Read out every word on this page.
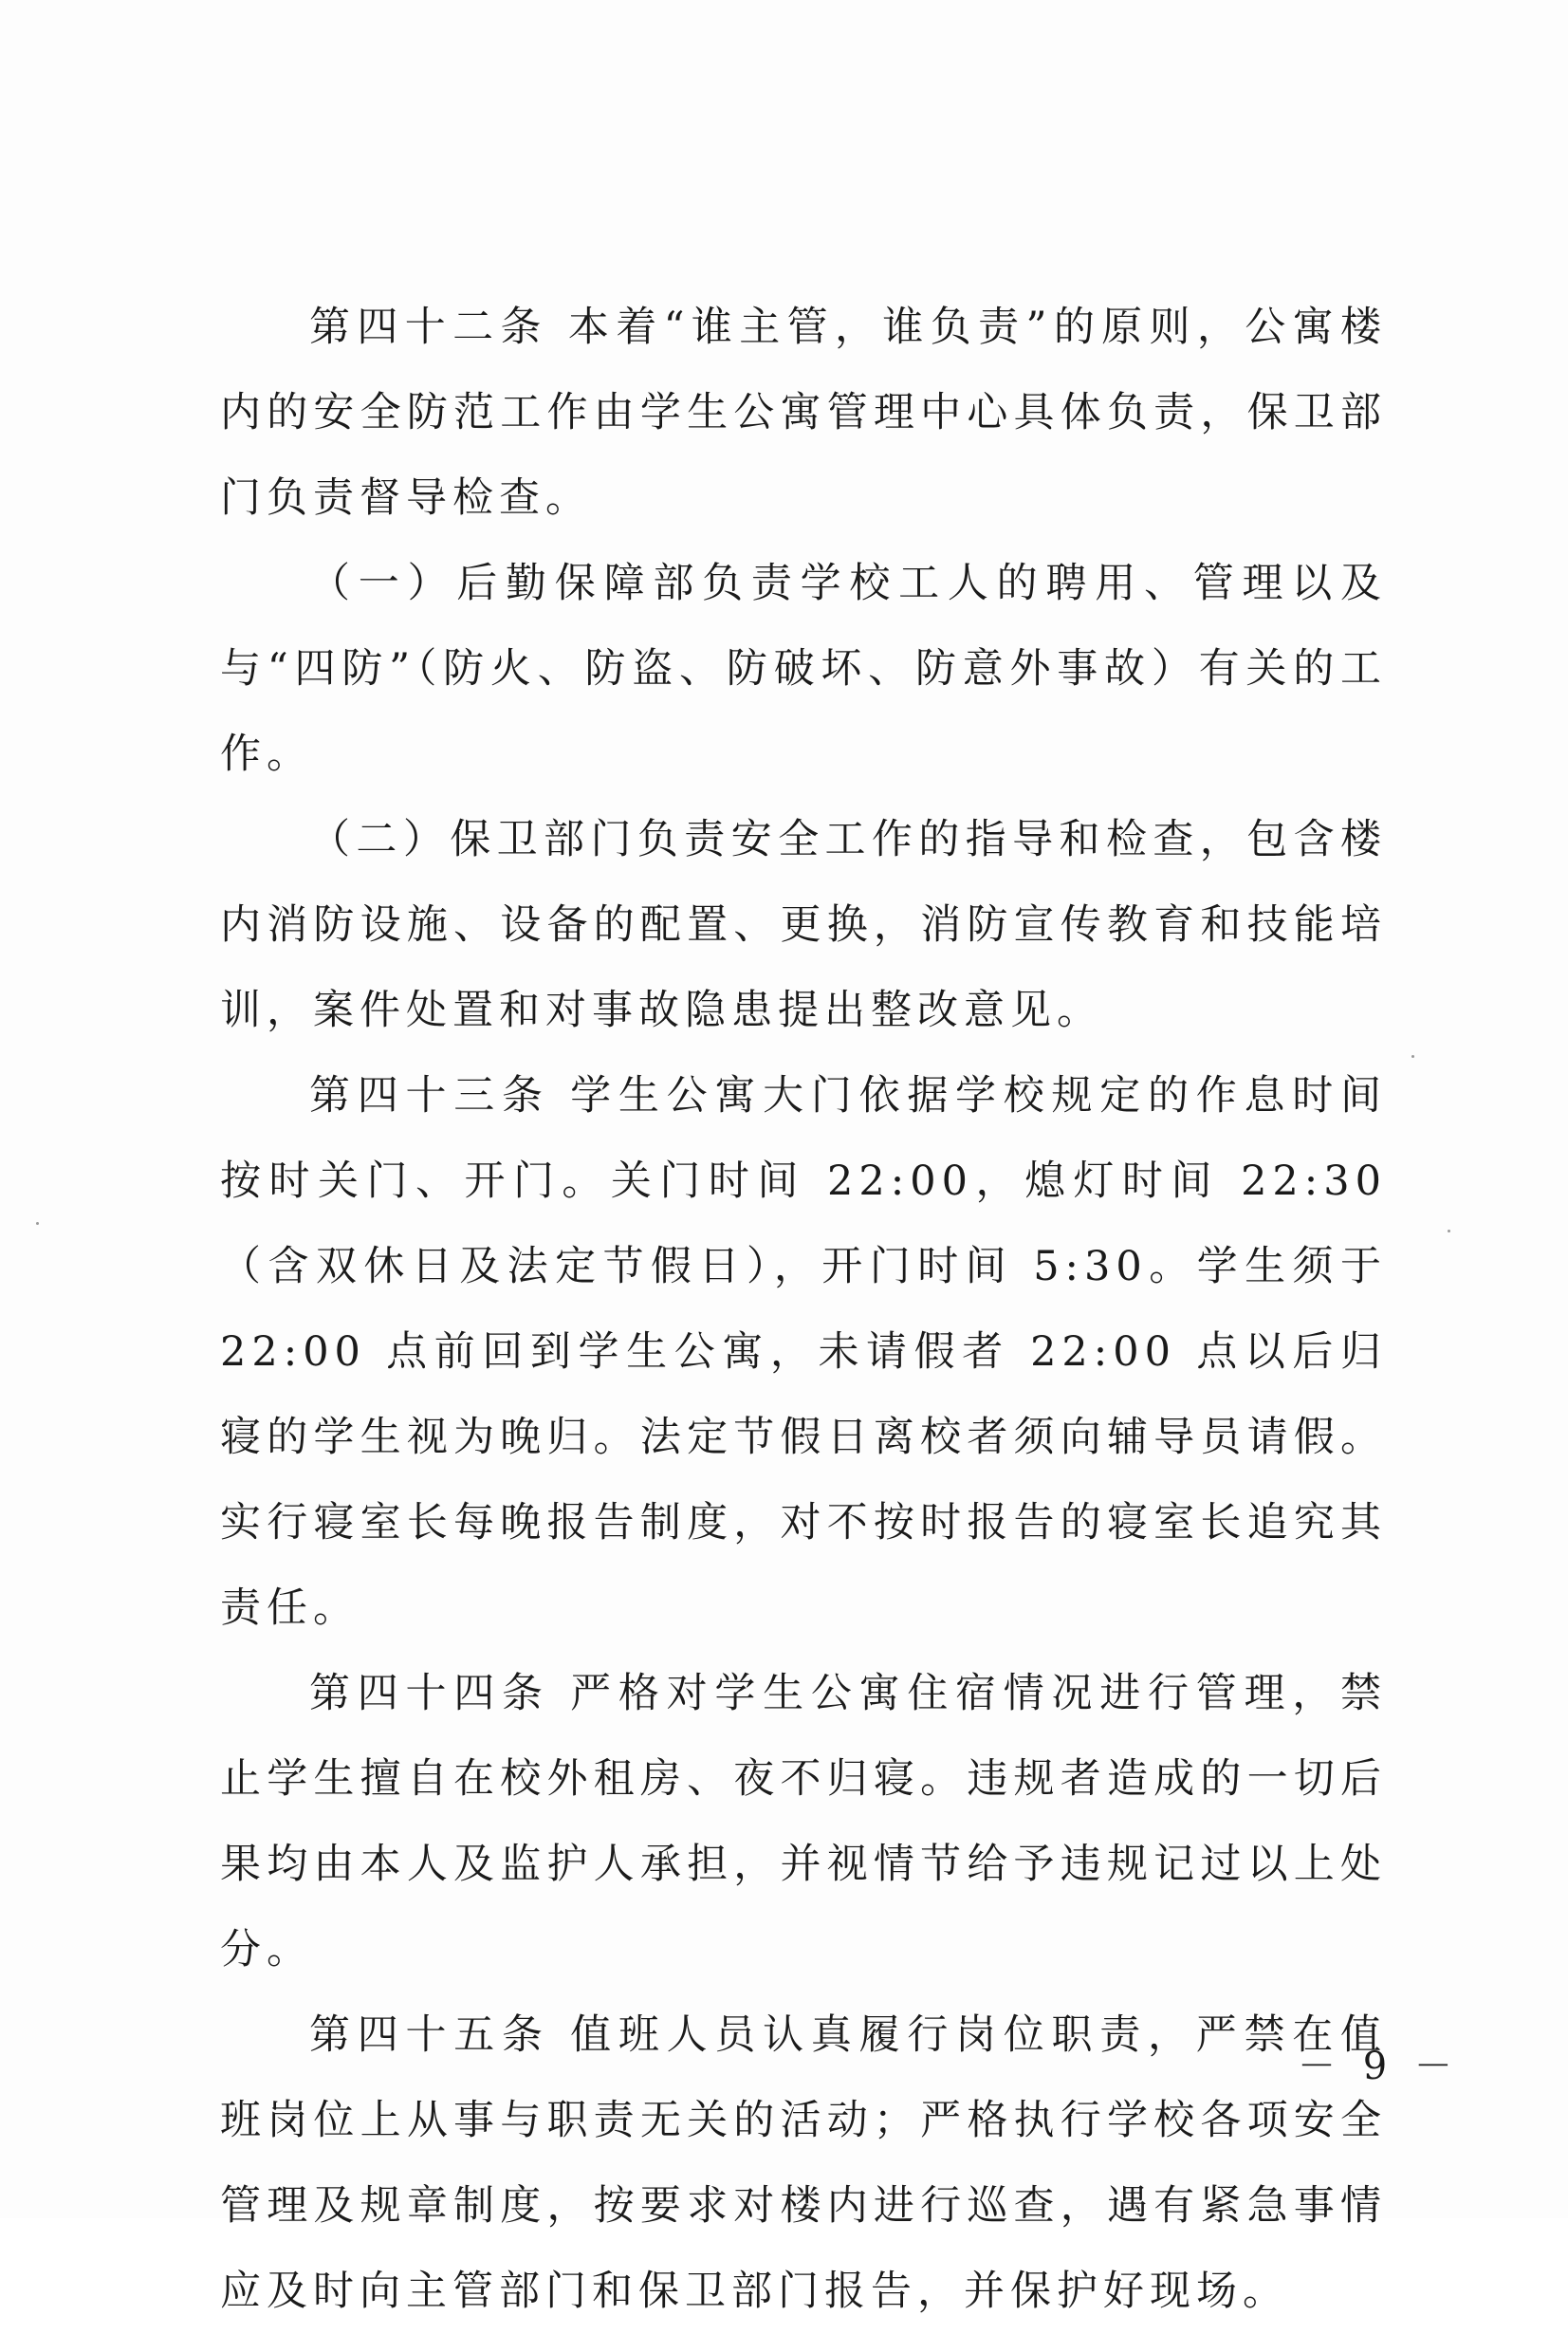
第四十二条 本着“谁主管，谁负责”的原则，公寓楼内的安全防范工作由学生公寓管理中心具体负责，保卫部门负责督导检查。

（一）后勤保障部负责学校工人的聘用、管理以及与“四防”（防火、防盗、防破坏、防意外事故）有关的工作。

（二）保卫部门负责安全工作的指导和检查，包含楼内消防设施、设备的配置、更换，消防宣传教育和技能培训，案件处置和对事故隐患提出整改意见。

第四十三条 学生公寓大门依据学校规定的作息时间按时关门、开门。关门时间 22:00，熄灯时间 22:30（含双休日及法定节假日），开门时间 5:30。学生须于 22:00 点前回到学生公寓，未请假者 22:00 点以后归寝的学生视为晚归。法定节假日离校者须向辅导员请假。实行寝室长每晚报告制度，对不按时报告的寝室长追究其责任。

第四十四条 严格对学生公寓住宿情况进行管理，禁止学生擅自在校外租房、夜不归寝。违规者造成的一切后果均由本人及监护人承担，并视情节给予违规记过以上处分。

第四十五条 值班人员认真履行岗位职责，严禁在值班岗位上从事与职责无关的活动；严格执行学校各项安全管理及规章制度，按要求对楼内进行巡查，遇有紧急事情应及时向主管部门和保卫部门报告，并保护好现场。

－ 9 －
